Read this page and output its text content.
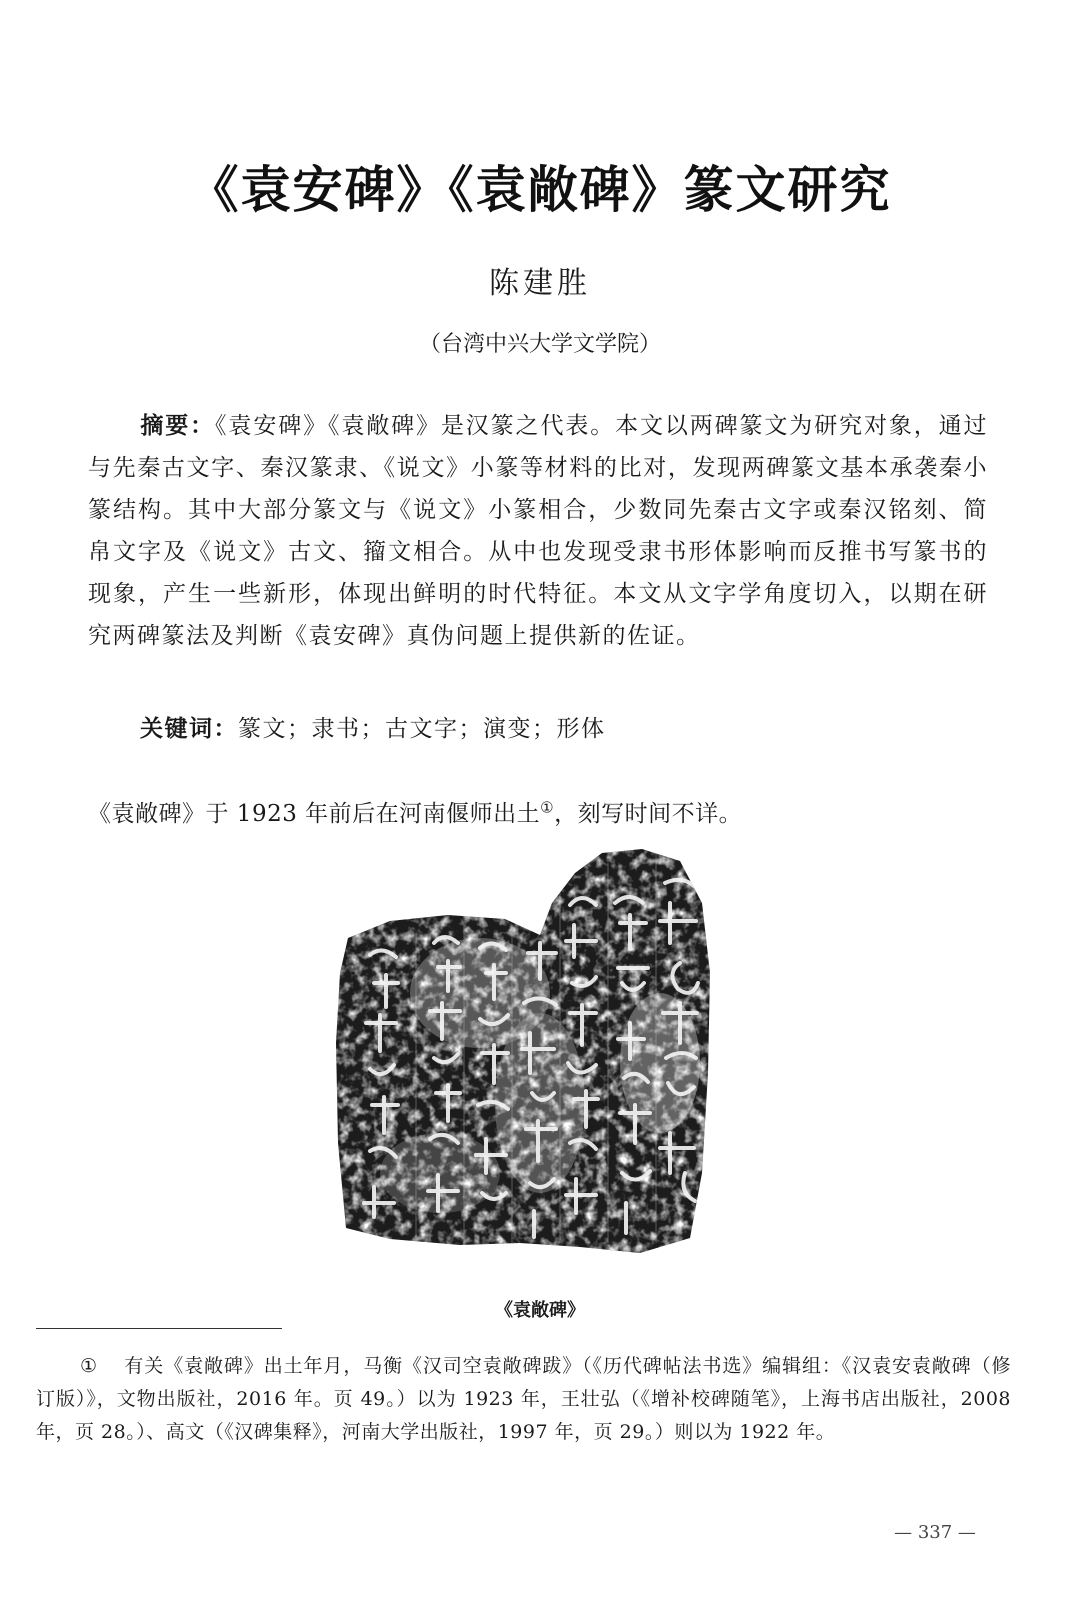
《袁安碑》《袁敞碑》篆文研究
陈建胜
（台湾中兴大学文学院）
摘要：《袁安碑》《袁敞碑》是汉篆之代表。本文以两碑篆文为研究对象，通过与先秦古文字、秦汉篆隶、《说文》小篆等材料的比对，发现两碑篆文基本承袭秦小篆结构。其中大部分篆文与《说文》小篆相合，少数同先秦古文字或秦汉铭刻、简帛文字及《说文》古文、籀文相合。从中也发现受隶书形体影响而反推书写篆书的现象，产生一些新形，体现出鲜明的时代特征。本文从文字学角度切入，以期在研究两碑篆法及判断《袁安碑》真伪问题上提供新的佐证。
关键词：篆文；隶书；古文字；演变；形体
《袁敞碑》于 1923 年前后在河南偃师出土①，刻写时间不详。
《袁敞碑》
① 有关《袁敞碑》出土年月，马衡《汉司空袁敞碑跋》（《历代碑帖法书选》编辑组：《汉袁安袁敞碑（修订版）》，文物出版社，2016 年。页 49。）以为 1923 年，王壮弘（《增补校碑随笔》，上海书店出版社，2008 年，页 28。）、高文（《汉碑集释》，河南大学出版社，1997 年，页 29。）则以为 1922 年。
— 337 —
